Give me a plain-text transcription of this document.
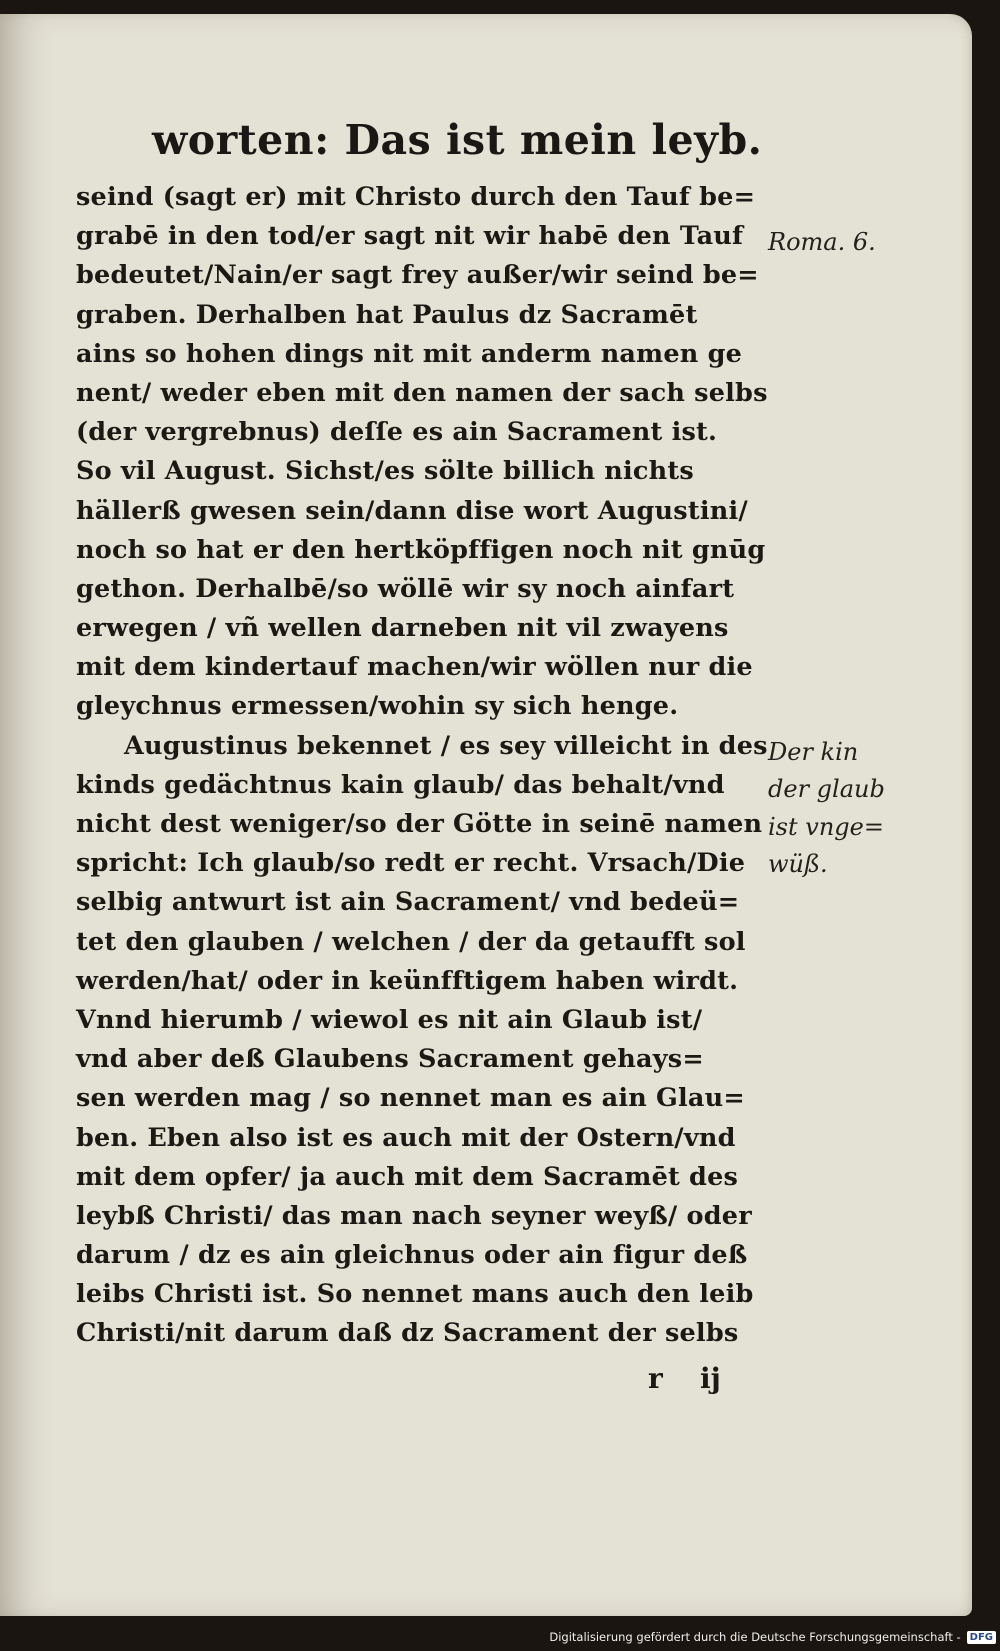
worten: Das ist mein leyb.
seind (sagt er) mit Christo durch den Tauf be=
grabē in den tod/er sagt nit wir habē den Tauf
bedeutet/Nain/er sagt frey außer/wir seind be=
graben. Derhalben hat Paulus dz Sacramēt
ains so hohen dings nit mit anderm namen ge
nent/ weder eben mit den namen der sach selbs
(der vergrebnus) deſſe es ain Sacrament ist.
So vil August. Sichst/es sölte billich nichts
hällerß gwesen sein/dann dise wort Augustini/
noch so hat er den hertköpffigen noch nit gnūg
gethon. Derhalbē/so wöllē wir sy noch ainfart
erwegen / vñ wellen darneben nit vil zwayens
mit dem kindertauf machen/wir wöllen nur die
gleychnus ermessen/wohin sy sich henge.
Augustinus bekennet / es sey villeicht in des
kinds gedächtnus kain glaub/ das behalt/vnd
nicht dest weniger/so der Götte in seinē namen
spricht: Ich glaub/so redt er recht. Vrsach/Die
selbig antwurt ist ain Sacrament/ vnd bedeü=
tet den glauben / welchen / der da getaufft sol
werden/hat/ oder in keünfftigem haben wirdt.
Vnnd hierumb / wiewol es nit ain Glaub ist/
vnd aber deß Glaubens Sacrament gehays=
sen werden mag / so nennet man es ain Glau=
ben. Eben also ist es auch mit der Ostern/vnd
mit dem opfer/ ja auch mit dem Sacramēt des
leybß Christi/ das man nach seyner weyß/ oder
darum / dz es ain gleichnus oder ain figur deß
leibs Christi ist. So nennet mans auch den leib
Christi/nit darum daß dz Sacrament der selbs
Roma. 6.
Der kin
der glaub
ist vnge=
wüß.
r ij
Digitalisierung gefördert durch die Deutsche Forschungsgemeinschaft - DFG
